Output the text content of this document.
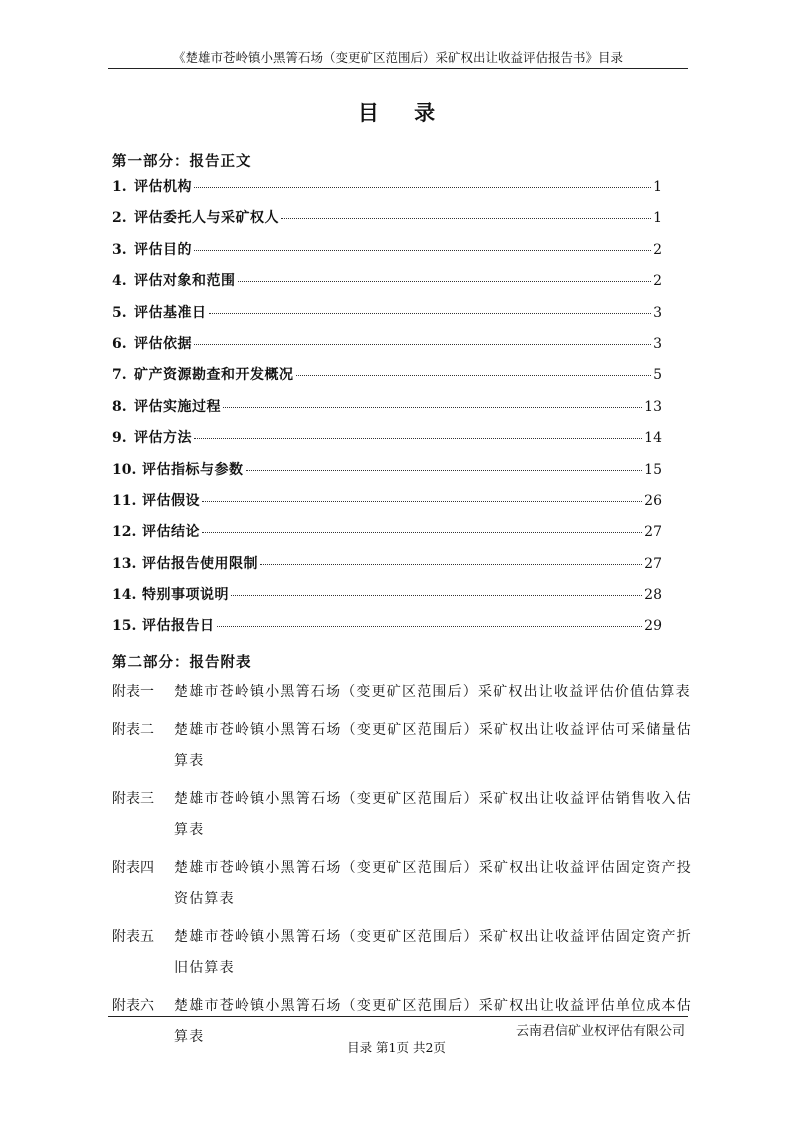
《楚雄市苍岭镇小黑箐石场（变更矿区范围后）采矿权出让收益评估报告书》目录
目 录
第一部分：报告正文
1. 评估机构	1
2. 评估委托人与采矿权人	1
3. 评估目的	2
4. 评估对象和范围	2
5. 评估基准日	3
6. 评估依据	3
7. 矿产资源勘查和开发概况	5
8. 评估实施过程	13
9. 评估方法	14
10. 评估指标与参数	15
11. 评估假设	26
12. 评估结论	27
13. 评估报告使用限制	27
14. 特别事项说明	28
15. 评估报告日	29
第二部分：报告附表
附表一	楚雄市苍岭镇小黑箐石场（变更矿区范围后）采矿权出让收益评估价值估算表
附表二	楚雄市苍岭镇小黑箐石场（变更矿区范围后）采矿权出让收益评估可采储量估算表
附表三	楚雄市苍岭镇小黑箐石场（变更矿区范围后）采矿权出让收益评估销售收入估算表
附表四	楚雄市苍岭镇小黑箐石场（变更矿区范围后）采矿权出让收益评估固定资产投资估算表
附表五	楚雄市苍岭镇小黑箐石场（变更矿区范围后）采矿权出让收益评估固定资产折旧估算表
附表六	楚雄市苍岭镇小黑箐石场（变更矿区范围后）采矿权出让收益评估单位成本估算表	云南君信矿业权评估有限公司
目录 第1页 共2页
